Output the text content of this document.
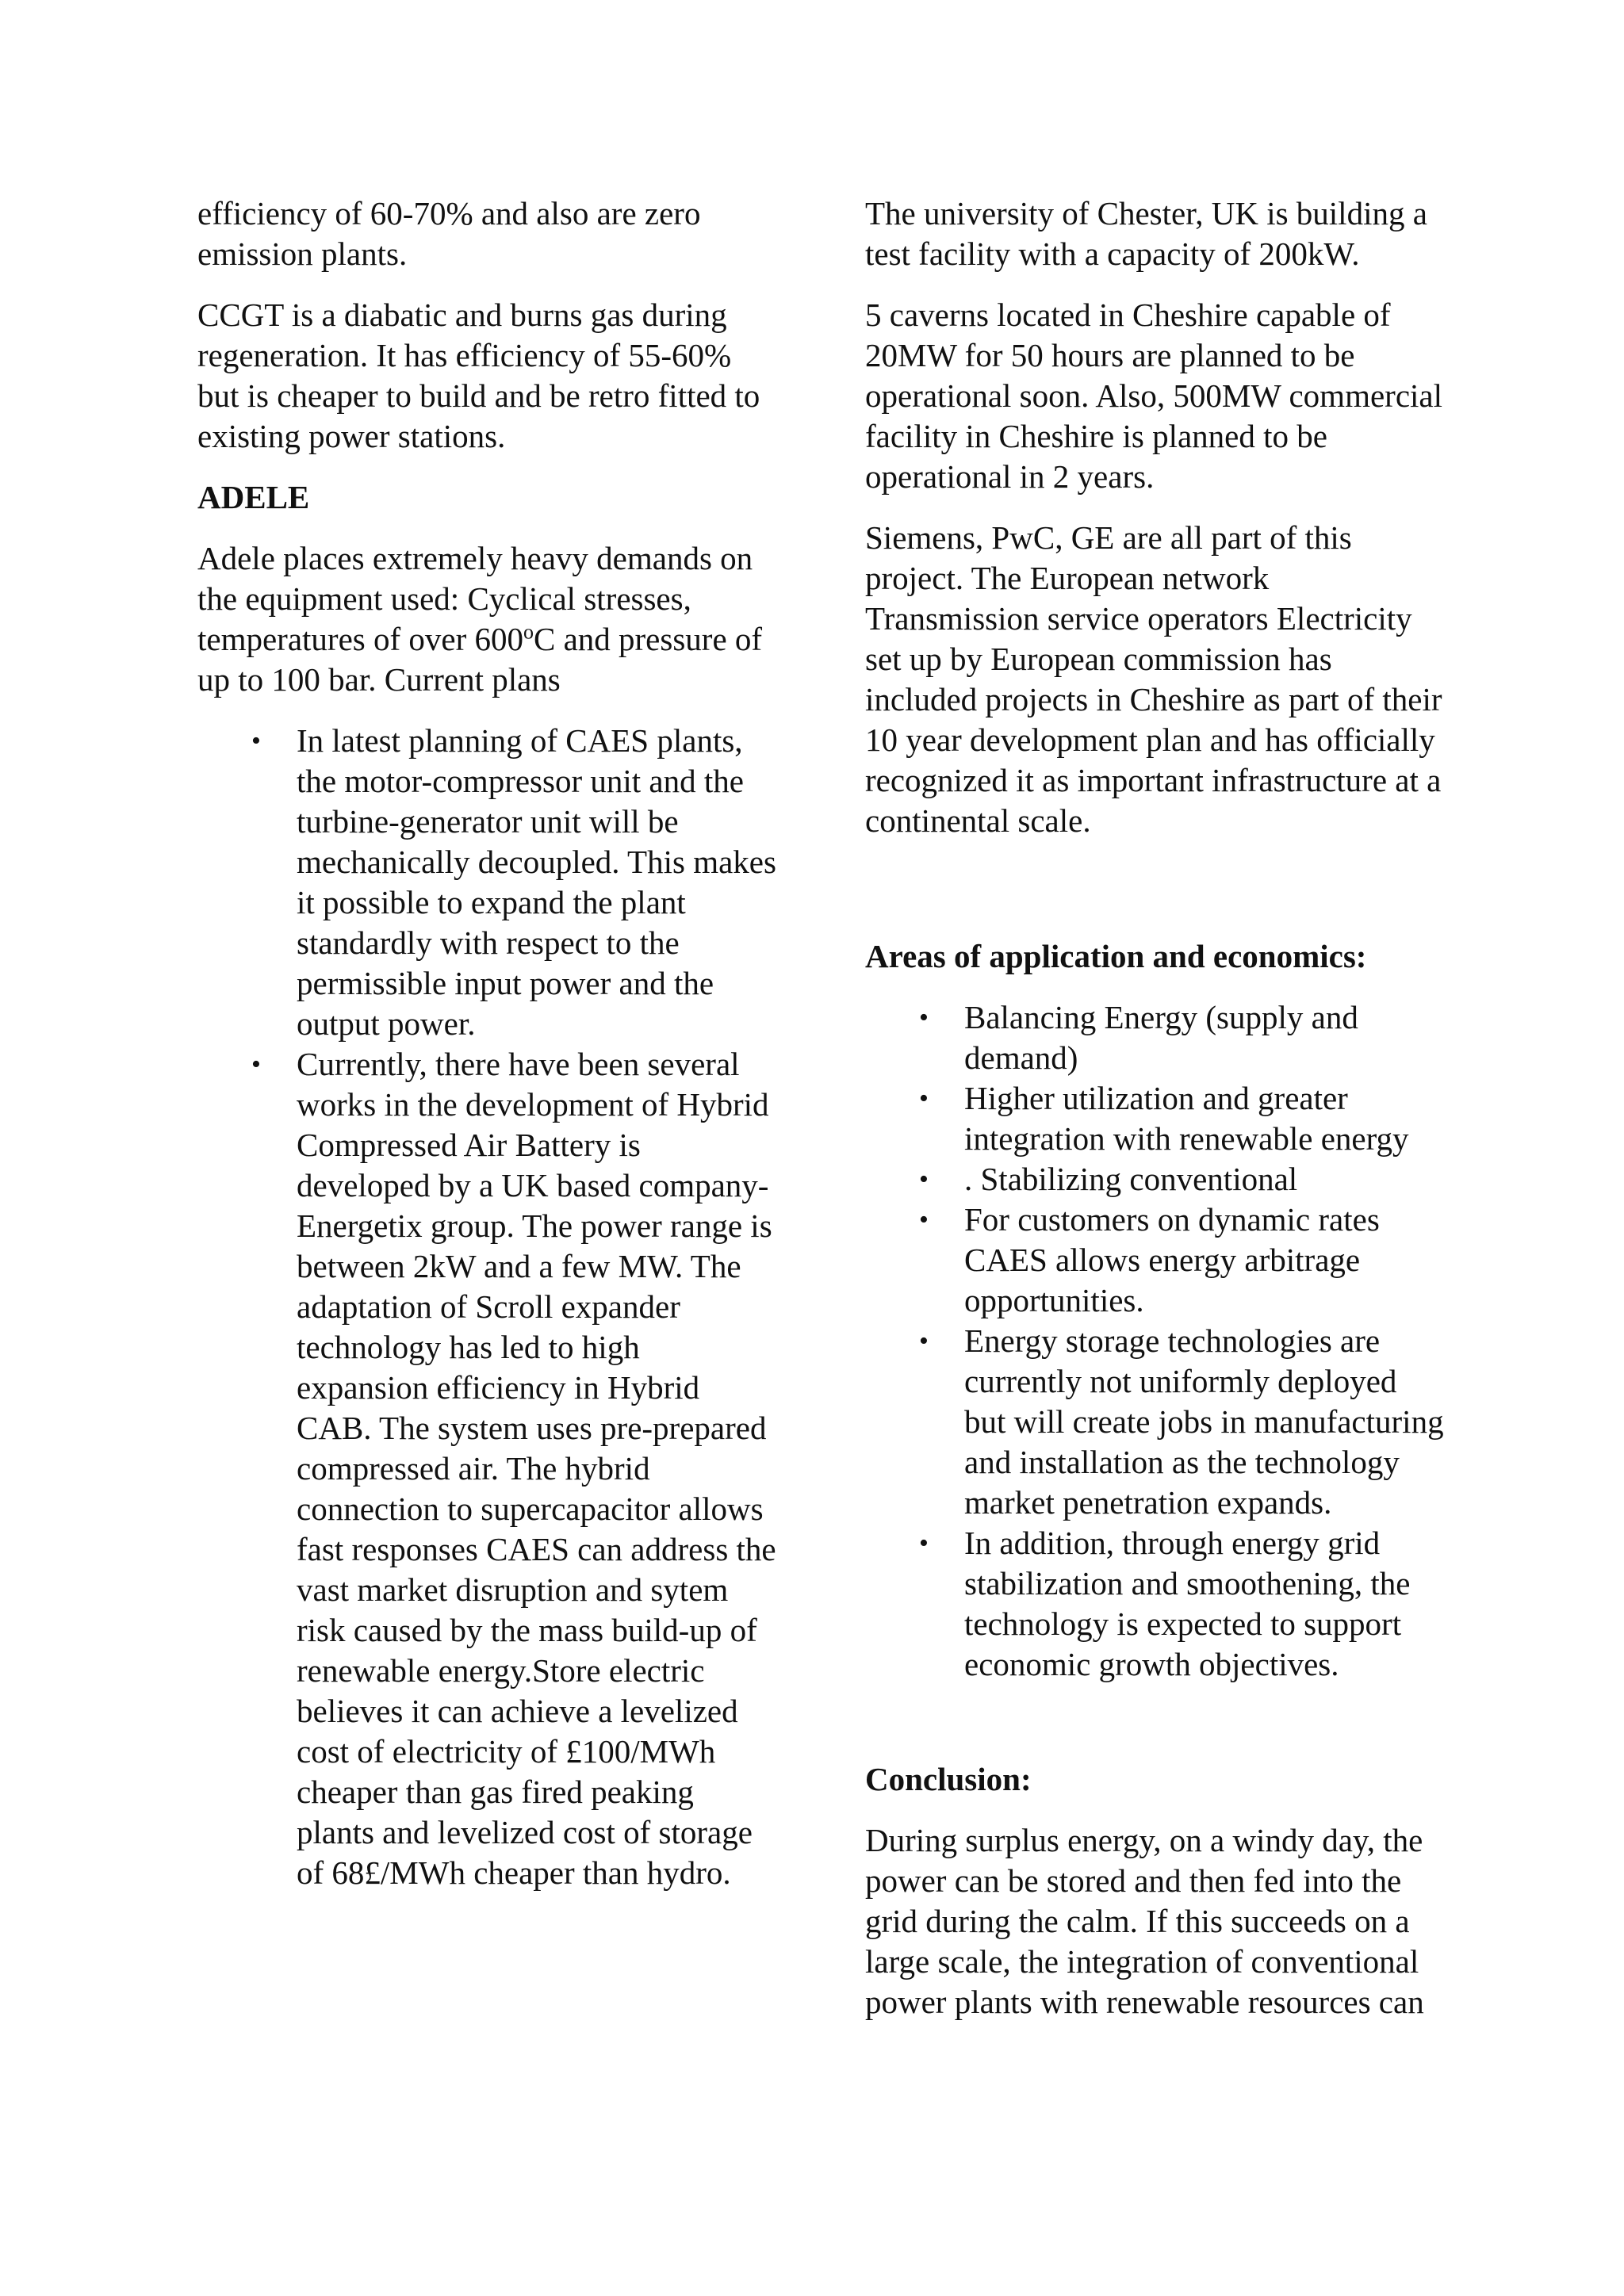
efficiency of 60-70% and also are zero emission plants.

CCGT is a diabatic and burns gas during regeneration. It has efficiency of 55-60% but is cheaper to build and be retro fitted to existing power stations.

ADELE

Adele places extremely heavy demands on the equipment used: Cyclical stresses, temperatures of over 600$^o$C and pressure of up to 100 bar. Current plans

• In latest planning of CAES plants, the motor-compressor unit and the turbine-generator unit will be mechanically decoupled. This makes it possible to expand the plant standardly with respect to the permissible input power and the output power.
• Currently, there have been several works in the development of Hybrid Compressed Air Battery is developed by a UK based company- Energetix group. The power range is between 2kW and a few MW. The adaptation of Scroll expander technology has led to high expansion efficiency in Hybrid CAB. The system uses pre-prepared compressed air. The hybrid connection to supercapacitor allows fast responses CAES can address the vast market disruption and sytem risk caused by the mass build-up of renewable energy.Store electric believes it can achieve a levelized cost of electricity of £100/MWh cheaper than gas fired peaking plants and levelized cost of storage of 68£/MWh cheaper than hydro.

The university of Chester, UK is building a test facility with a capacity of 200kW.

5 caverns located in Cheshire capable of 20MW for 50 hours are planned to be operational soon. Also, 500MW commercial facility in Cheshire is planned to be operational in 2 years.

Siemens, PwC, GE are all part of this project. The European network Transmission service operators Electricity set up by European commission has included projects in Cheshire as part of their 10 year development plan and has officially recognized it as important infrastructure at a continental scale.

Areas of application and economics:
• Balancing Energy (supply and demand)
• Higher utilization and greater integration with renewable energy
• . Stabilizing conventional
• For customers on dynamic rates CAES allows energy arbitrage opportunities.
• Energy storage technologies are currently not uniformly deployed but will create jobs in manufacturing and installation as the technology market penetration expands.
• In addition, through energy grid stabilization and smoothening, the technology is expected to support economic growth objectives.
Conclusion:

During surplus energy, on a windy day, the power can be stored and then fed into the grid during the calm. If this succeeds on a large scale, the integration of conventional power plants with renewable resources can
